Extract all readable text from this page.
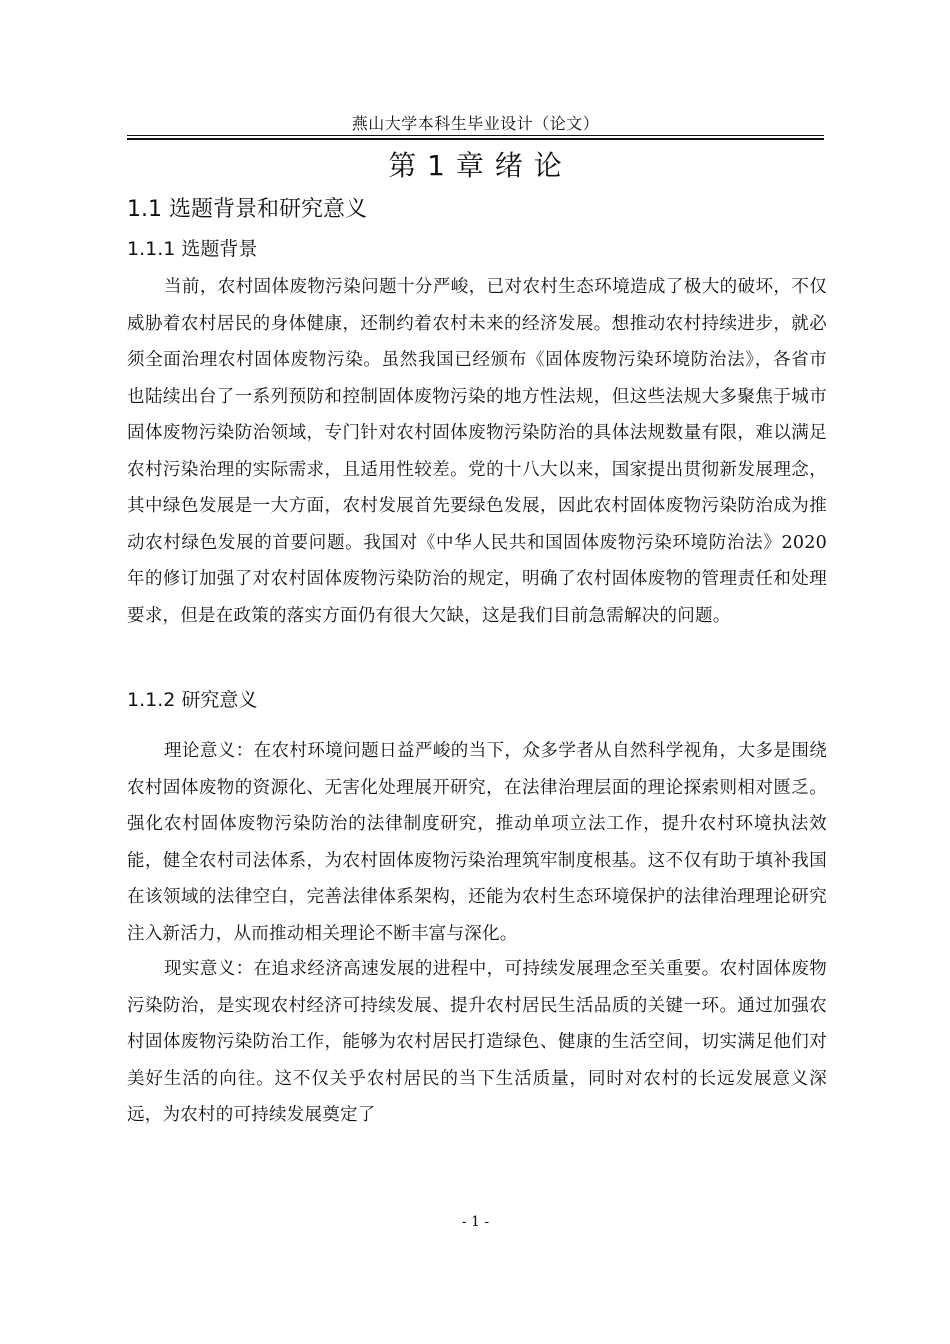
燕山大学本科生毕业设计（论文）
第 1 章 绪 论
1.1 选题背景和研究意义
1.1.1 选题背景

当前，农村固体废物污染问题十分严峻，已对农村生态环境造成了极大的破坏，不仅威胁着农村居民的身体健康，还制约着农村未来的经济发展。想推动农村持续进步，就必须全面治理农村固体废物污染。虽然我国已经颁布《固体废物污染环境防治法》，各省市也陆续出台了一系列预防和控制固体废物污染的地方性法规，但这些法规大多聚焦于城市固体废物污染防治领域，专门针对农村固体废物污染防治的具体法规数量有限，难以满足农村污染治理的实际需求，且适用性较差。党的十八大以来，国家提出贯彻新发展理念，其中绿色发展是一大方面，农村发展首先要绿色发展，因此农村固体废物污染防治成为推动农村绿色发展的首要问题。我国对《中华人民共和国固体废物污染环境防治法》2020 年的修订加强了对农村固体废物污染防治的规定，明确了农村固体废物的管理责任和处理要求，但是在政策的落实方面仍有很大欠缺，这是我们目前急需解决的问题。

1.1.2 研究意义

理论意义：在农村环境问题日益严峻的当下，众多学者从自然科学视角，大多是围绕农村固体废物的资源化、无害化处理展开研究，在法律治理层面的理论探索则相对匮乏。强化农村固体废物污染防治的法律制度研究，推动单项立法工作，提升农村环境执法效能，健全农村司法体系，为农村固体废物污染治理筑牢制度根基。这不仅有助于填补我国在该领域的法律空白，完善法律体系架构，还能为农村生态环境保护的法律治理理论研究注入新活力，从而推动相关理论不断丰富与深化。

现实意义：在追求经济高速发展的进程中，可持续发展理念至关重要。农村固体废物污染防治，是实现农村经济可持续发展、提升农村居民生活品质的关键一环。通过加强农村固体废物污染防治工作，能够为农村居民打造绿色、健康的生活空间，切实满足他们对美好生活的向往。这不仅关乎农村居民的当下生活质量，同时对农村的长远发展意义深远，为农村的可持续发展奠定了

- 1 -
